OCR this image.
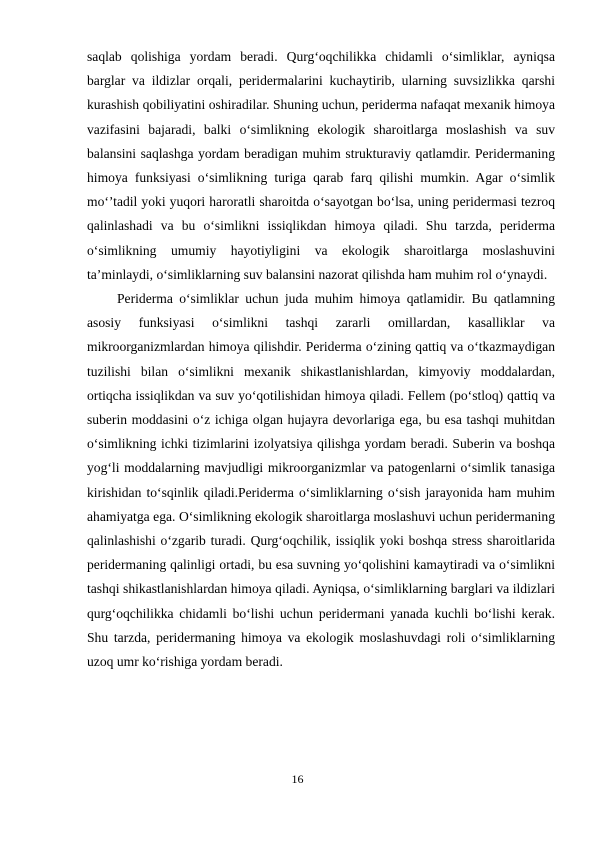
saqlab qolishiga yordam beradi. Qurg‘oqchilikka chidamli o‘simliklar, ayniqsa barglar va ildizlar orqali, peridermalarini kuchaytirib, ularning suvsizlikka qarshi kurashish qobiliyatini oshiradilar. Shuning uchun, periderma nafaqat mexanik himoya vazifasini bajaradi, balki o‘simlikning ekologik sharoitlarga moslashish va suv balansini saqlashga yordam beradigan muhim strukturaviy qatlamdir. Peridermaning himoya funksiyasi o‘simlikning turiga qarab farq qilishi mumkin. Agar o‘simlik mo‘’tadil yoki yuqori haroratli sharoitda o‘sayotgan bo‘lsa, uning peridermasi tezroq qalinlashadi va bu o‘simlikni issiqlikdan himoya qiladi. Shu tarzda, periderma o‘simlikning umumiy hayotiyligini va ekologik sharoitlarga moslashuvini ta’minlaydi, o‘simliklarning suv balansini nazorat qilishda ham muhim rol o‘ynaydi.

Periderma o‘simliklar uchun juda muhim himoya qatlamidir. Bu qatlamning asosiy funksiyasi o‘simlikni tashqi zararli omillardan, kasalliklar va mikroorganizmlardan himoya qilishdir. Periderma o‘zining qattiq va o‘tkazmaydigan tuzilishi bilan o‘simlikni mexanik shikastlanishlardan, kimyoviy moddalardan, ortiqcha issiqlikdan va suv yo‘qotilishidan himoya qiladi. Fellem (po‘stloq) qattiq va suberin moddasini o‘z ichiga olgan hujayra devorlariga ega, bu esa tashqi muhitdan o‘simlikning ichki tizimlarini izolyatsiya qilishga yordam beradi. Suberin va boshqa yog‘li moddalarning mavjudligi mikroorganizmlar va patogenlarni o‘simlik tanasiga kirishidan to‘sqinlik qiladi.Periderma o‘simliklarning o‘sish jarayonida ham muhim ahamiyatga ega. O‘simlikning ekologik sharoitlarga moslashuvi uchun peridermaning qalinlashishi o‘zgarib turadi. Qurg‘oqchilik, issiqlik yoki boshqa stress sharoitlarida peridermaning qalinligi ortadi, bu esa suvning yo‘qolishini kamaytiradi va o‘simlikni tashqi shikastlanishlardan himoya qiladi. Ayniqsa, o‘simliklarning barglari va ildizlari qurg‘oqchilikka chidamli bo‘lishi uchun peridermani yanada kuchli bo‘lishi kerak. Shu tarzda, peridermaning himoya va ekologik moslashuvdagi roli o‘simliklarning uzoq umr ko‘rishiga yordam beradi.

16
